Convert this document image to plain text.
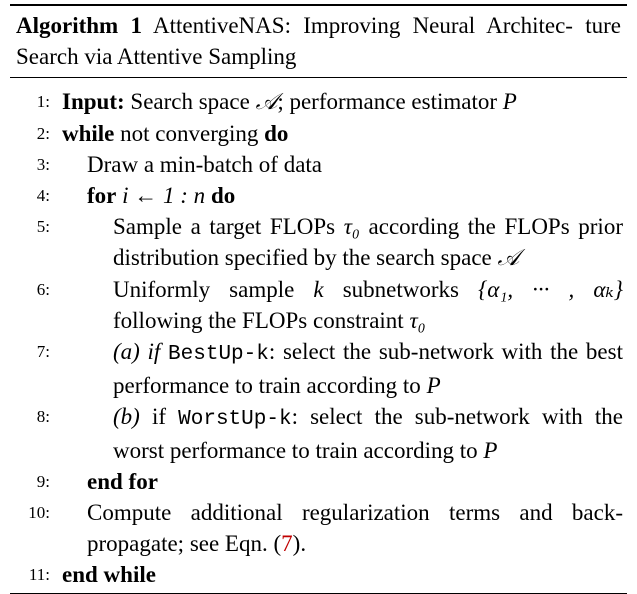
Algorithm 1 AttentiveNAS: Improving Neural Architec- ture Search via Attentive Sampling
1: Input: Search space 𝒜; performance estimator P
2: while not converging do
3:	Draw a min-batch of data
4:	for i ← 1 : n do
5:	Sample a target FLOPs τ₀ according the FLOPs prior distribution specified by the search space 𝒜
6:	Uniformly sample k subnetworks {α₁, ··· , αₖ} following the FLOPs constraint τ₀
7:	(a) if BestUp-k: select the sub-network with the best performance to train according to P
8:	(b) if WorstUp-k: select the sub-network with the worst performance to train according to P
9:	end for
10:	Compute additional regularization terms and back- propagate; see Eqn. (7).
11: end while
